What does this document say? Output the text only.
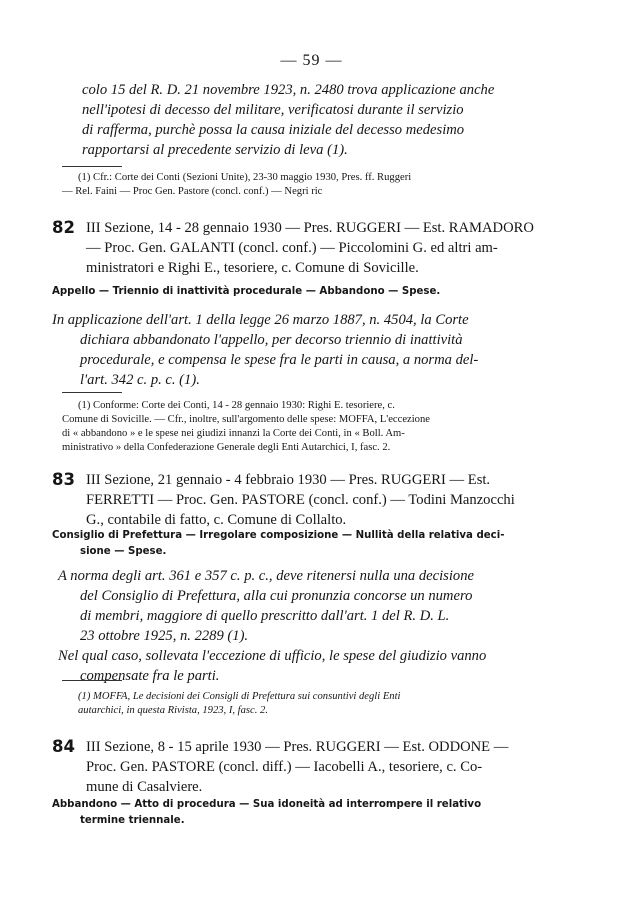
— 59 —
colo 15 del R. D. 21 novembre 1923, n. 2480 trova applicazione anche
nell'ipotesi di decesso del militare, verificatosi durante il servizio
di rafferma, purchè possa la causa iniziale del decesso medesimo
rapportarsi al precedente servizio di leva (1).
(1) Cfr.: Corte dei Conti (Sezioni Unite), 23-30 maggio 1930, Pres. ff. Ruggeri
— Rel. Faini — Proc Gen. Pastore (concl. conf.) — Negri ric
82 III Sezione, 14 - 28 gennaio 1930 — Pres. RUGGERI — Est. RAMADORO
— Proc. Gen. GALANTI (concl. conf.) — Piccolomini G. ed altri am-
ministratori e Righi E., tesoriere, c. Comune di Sovicille.
Appello — Triennio di inattività procedurale — Abbandono — Spese.
In applicazione dell'art. 1 della legge 26 marzo 1887, n. 4504, la Corte
dichiara abbandonato l'appello, per decorso triennio di inattività
procedurale, e compensa le spese fra le parti in causa, a norma del-
l'art. 342 c. p. c. (1).
(1) Conforme: Corte dei Conti, 14 - 28 gennaio 1930: Righi E. tesoriere, c.
Comune di Sovicille. — Cfr., inoltre, sull'argomento delle spese: MOFFA, L'eccezione
di « abbandono » e le spese nei giudizi innanzi la Corte dei Conti, in « Boll. Am-
ministrativo » della Confederazione Generale degli Enti Autarchici, I, fasc. 2.
83 III Sezione, 21 gennaio - 4 febbraio 1930 — Pres. RUGGERI — Est.
FERRETTI — Proc. Gen. PASTORE (concl. conf.) — Todini Manzocchi
G., contabile di fatto, c. Comune di Collalto.
Consiglio di Prefettura — Irregolare composizione — Nullità della relativa deci-
sione — Spese.
A norma degli art. 361 e 357 c. p. c., deve ritenersi nulla una decisione
del Consiglio di Prefettura, alla cui pronunzia concorse un numero
di membri, maggiore di quello prescritto dall'art. 1 del R. D. L.
23 ottobre 1925, n. 2289 (1).
Nel qual caso, sollevata l'eccezione di ufficio, le spese del giudizio vanno
compensate fra le parti.
(1) MOFFA, Le decisioni dei Consigli di Prefettura sui consuntivi degli Enti
autarchici, in questa Rivista, 1923, I, fasc. 2.
84 III Sezione, 8 - 15 aprile 1930 — Pres. RUGGERI — Est. ODDONE —
Proc. Gen. PASTORE (concl. diff.) — Iacobelli A., tesoriere, c. Co-
mune di Casalviere.
Abbandono — Atto di procedura — Sua idoneità ad interrompere il relativo
termine triennale.
